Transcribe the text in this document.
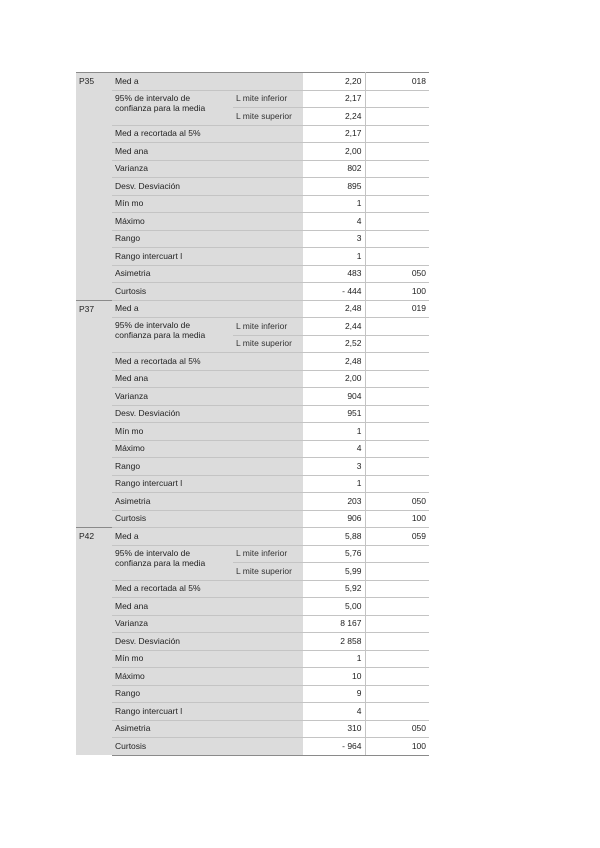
P35	Med a		2,20	018
	95% de intervalo de
confianza para la media	L mite inferior	2,17	
		L mite superior	2,24	
	Med a recortada al 5%		2,17	
	Med ana		2,00	
	Varianza		802	
	Desv. Desviación		895	
	Mín mo		1	
	Máximo		4	
	Rango		3	
	Rango intercuart l		1	
	Asimetria		483	050
	Curtosis		- 444	100
P37	Med a		2,48	019
	95% de intervalo de
confianza para la media	L mite inferior	2,44	
		L mite superior	2,52	
	Med a recortada al 5%		2,48	
	Med ana		2,00	
	Varianza		904	
	Desv. Desviación		951	
	Mín mo		1	
	Máximo		4	
	Rango		3	
	Rango intercuart l		1	
	Asimetria		203	050
	Curtosis		906	100
P42	Med a		5,88	059
	95% de intervalo de
confianza para la media	L mite inferior	5,76	
		L mite superior	5,99	
	Med a recortada al 5%		5,92	
	Med ana		5,00	
	Varianza		8 167	
	Desv. Desviación		2 858	
	Mín mo		1	
	Máximo		10	
	Rango		9	
	Rango intercuart l		4	
	Asimetria		310	050
	Curtosis		- 964	100
